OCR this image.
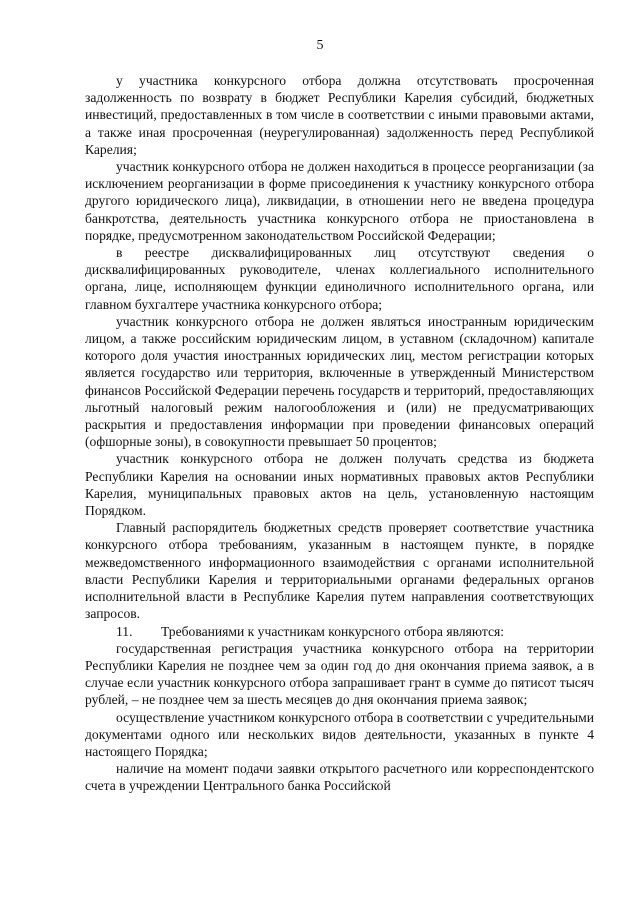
5

у участника конкурсного отбора должна отсутствовать просроченная задолженность по возврату в бюджет Республики Карелия субсидий, бюджетных инвестиций, предоставленных в том числе в соответствии с иными правовыми актами, а также иная просроченная (неурегулированная) задолженность перед Республикой Карелия;

участник конкурсного отбора не должен находиться в процессе реорганизации (за исключением реорганизации в форме присоединения к участнику конкурсного отбора другого юридического лица), ликвидации, в отношении него не введена процедура банкротства, деятельность участника конкурсного отбора не приостановлена в порядке, предусмотренном законодательством Российской Федерации;

в реестре дисквалифицированных лиц отсутствуют сведения о дисквалифицированных руководителе, членах коллегиального исполнительного органа, лице, исполняющем функции единоличного исполнительного органа, или главном бухгалтере участника конкурсного отбора;

участник конкурсного отбора не должен являться иностранным юридическим лицом, а также российским юридическим лицом, в уставном (складочном) капитале которого доля участия иностранных юридических лиц, местом регистрации которых является государство или территория, включенные в утвержденный Министерством финансов Российской Федерации перечень государств и территорий, предоставляющих льготный налоговый режим налогообложения и (или) не предусматривающих раскрытия и предоставления информации при проведении финансовых операций (офшорные зоны), в совокупности превышает 50 процентов;

участник конкурсного отбора не должен получать средства из бюджета Республики Карелия на основании иных нормативных правовых актов Республики Карелия, муниципальных правовых актов на цель, установленную настоящим Порядком.

Главный распорядитель бюджетных средств проверяет соответствие участника конкурсного отбора требованиям, указанным в настоящем пункте, в порядке межведомственного информационного взаимодействия с органами исполнительной власти Республики Карелия и территориальными органами федеральных органов исполнительной власти в Республике Карелия путем направления соответствующих запросов.

11. Требованиями к участникам конкурсного отбора являются:

государственная регистрация участника конкурсного отбора на территории Республики Карелия не позднее чем за один год до дня окончания приема заявок, а в случае если участник конкурсного отбора запрашивает грант в сумме до пятисот тысяч рублей, – не позднее чем за шесть месяцев до дня окончания приема заявок;

осуществление участником конкурсного отбора в соответствии с учредительными документами одного или нескольких видов деятельности, указанных в пункте 4 настоящего Порядка;

наличие на момент подачи заявки открытого расчетного или корреспондентского счета в учреждении Центрального банка Российской
